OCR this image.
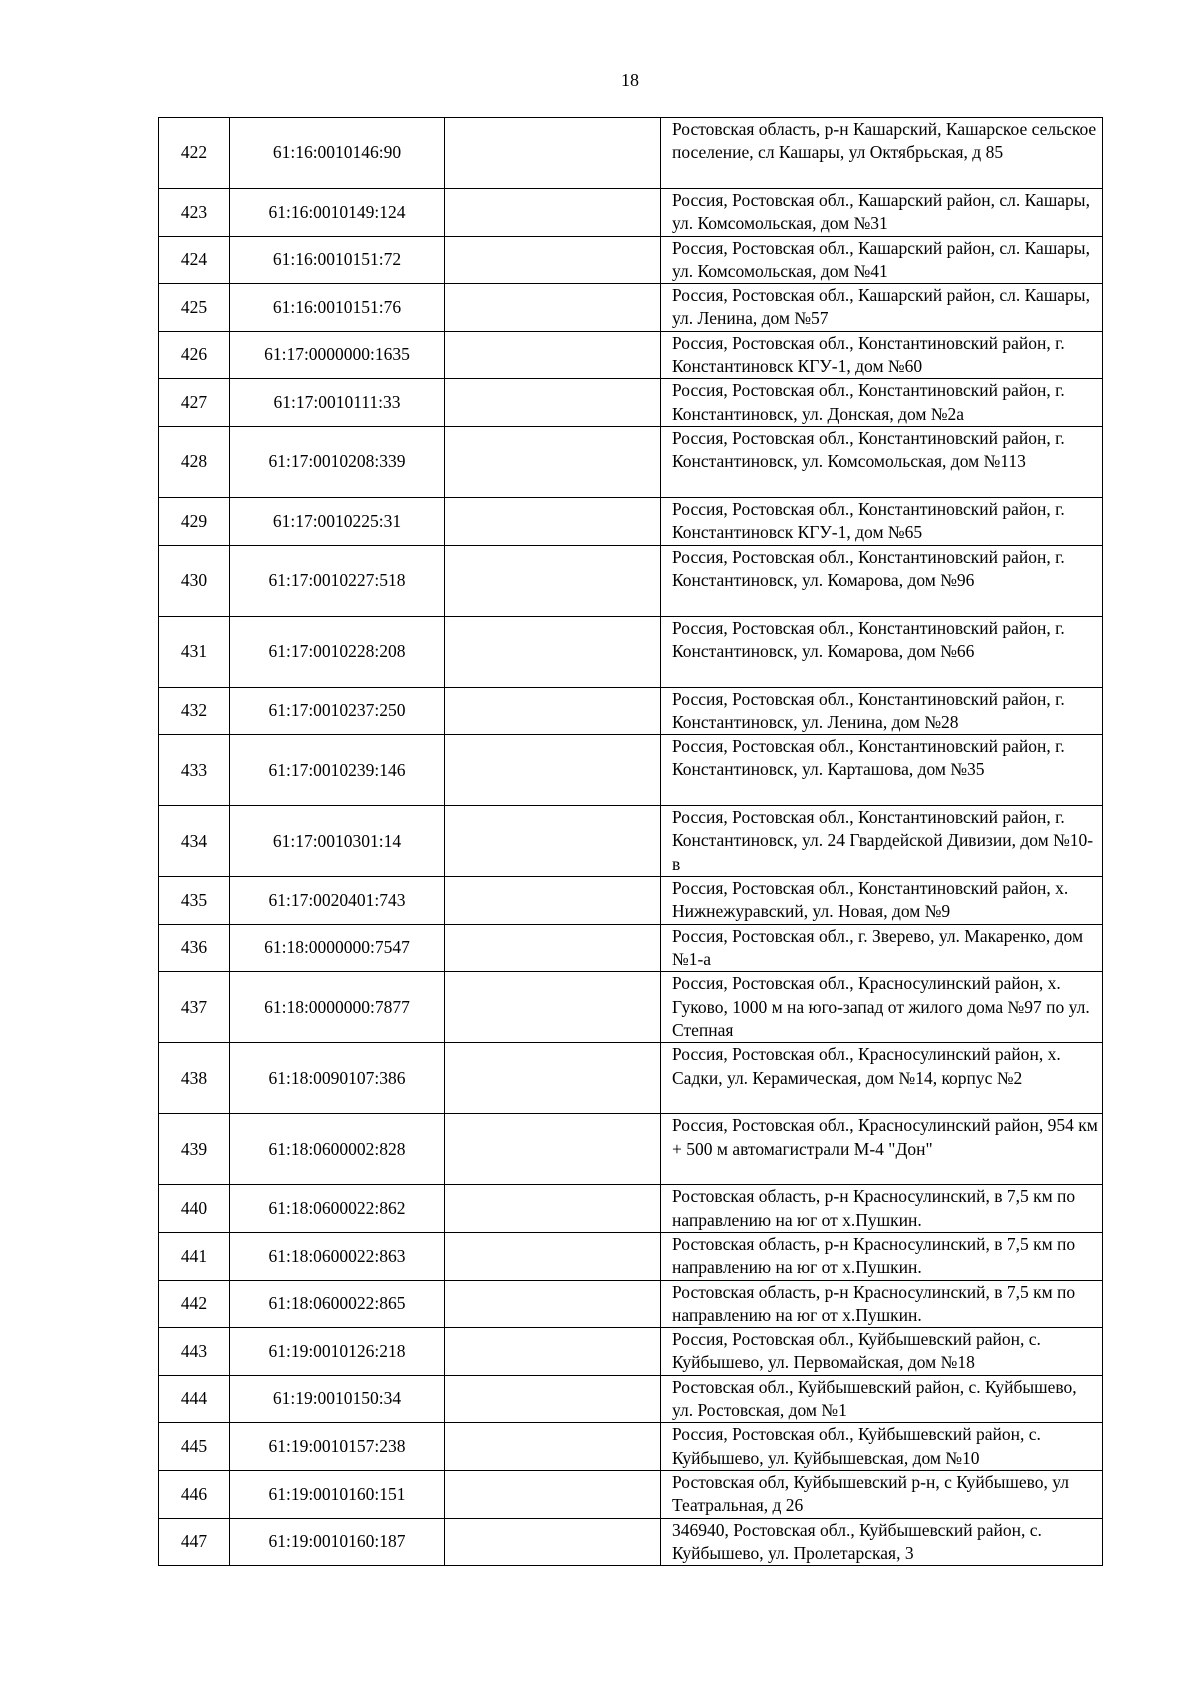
18
422	61:16:0010146:90		Ростовская область, р-н Кашарский, Кашарское сельское поселение, сл Кашары, ул Октябрьская, д 85
423	61:16:0010149:124		Россия, Ростовская обл., Кашарский район, сл. Кашары, ул. Комсомольская, дом №31
424	61:16:0010151:72		Россия, Ростовская обл., Кашарский район, сл. Кашары, ул. Комсомольская, дом №41
425	61:16:0010151:76		Россия, Ростовская обл., Кашарский район, сл. Кашары, ул. Ленина, дом №57
426	61:17:0000000:1635		Россия, Ростовская обл., Константиновский район, г. Константиновск КГУ-1, дом №60
427	61:17:0010111:33		Россия, Ростовская обл., Константиновский район, г. Константиновск, ул. Донская, дом №2а
428	61:17:0010208:339		Россия, Ростовская обл., Константиновский район, г. Константиновск, ул. Комсомольская, дом №113
429	61:17:0010225:31		Россия, Ростовская обл., Константиновский район, г. Константиновск КГУ-1, дом №65
430	61:17:0010227:518		Россия, Ростовская обл., Константиновский район, г. Константиновск, ул. Комарова, дом №96
431	61:17:0010228:208		Россия, Ростовская обл., Константиновский район, г. Константиновск, ул. Комарова, дом №66
432	61:17:0010237:250		Россия, Ростовская обл., Константиновский район, г. Константиновск, ул. Ленина, дом №28
433	61:17:0010239:146		Россия, Ростовская обл., Константиновский район, г. Константиновск, ул. Карташова, дом №35
434	61:17:0010301:14		Россия, Ростовская обл., Константиновский район, г. Константиновск, ул. 24 Гвардейской Дивизии, дом №10-в
435	61:17:0020401:743		Россия, Ростовская обл., Константиновский район, х. Нижнежуравский, ул. Новая, дом №9
436	61:18:0000000:7547		Россия, Ростовская обл., г. Зверево, ул. Макаренко, дом №1-а
437	61:18:0000000:7877		Россия, Ростовская обл., Красносулинский район, х. Гуково, 1000 м на юго-запад от жилого дома №97 по ул. Степная
438	61:18:0090107:386		Россия, Ростовская обл., Красносулинский район, х. Садки, ул. Керамическая, дом №14, корпус №2
439	61:18:0600002:828		Россия, Ростовская обл., Красносулинский район, 954 км + 500 м автомагистрали М-4 "Дон"
440	61:18:0600022:862		Ростовская область, р-н Красносулинский, в 7,5 км по направлению на юг от х.Пушкин.
441	61:18:0600022:863		Ростовская область, р-н Красносулинский, в 7,5 км по направлению на юг от х.Пушкин.
442	61:18:0600022:865		Ростовская область, р-н Красносулинский, в 7,5 км по направлению на юг от х.Пушкин.
443	61:19:0010126:218		Россия, Ростовская обл., Куйбышевский район, с. Куйбышево, ул. Первомайская, дом №18
444	61:19:0010150:34		Ростовская обл., Куйбышевский район, с. Куйбышево, ул. Ростовская, дом №1
445	61:19:0010157:238		Россия, Ростовская обл., Куйбышевский район, с. Куйбышево, ул. Куйбышевская, дом №10
446	61:19:0010160:151		Ростовская обл, Куйбышевский р-н, с Куйбышево, ул Театральная, д 26
447	61:19:0010160:187		346940, Ростовская обл., Куйбышевский район, с. Куйбышево, ул. Пролетарская, 3
